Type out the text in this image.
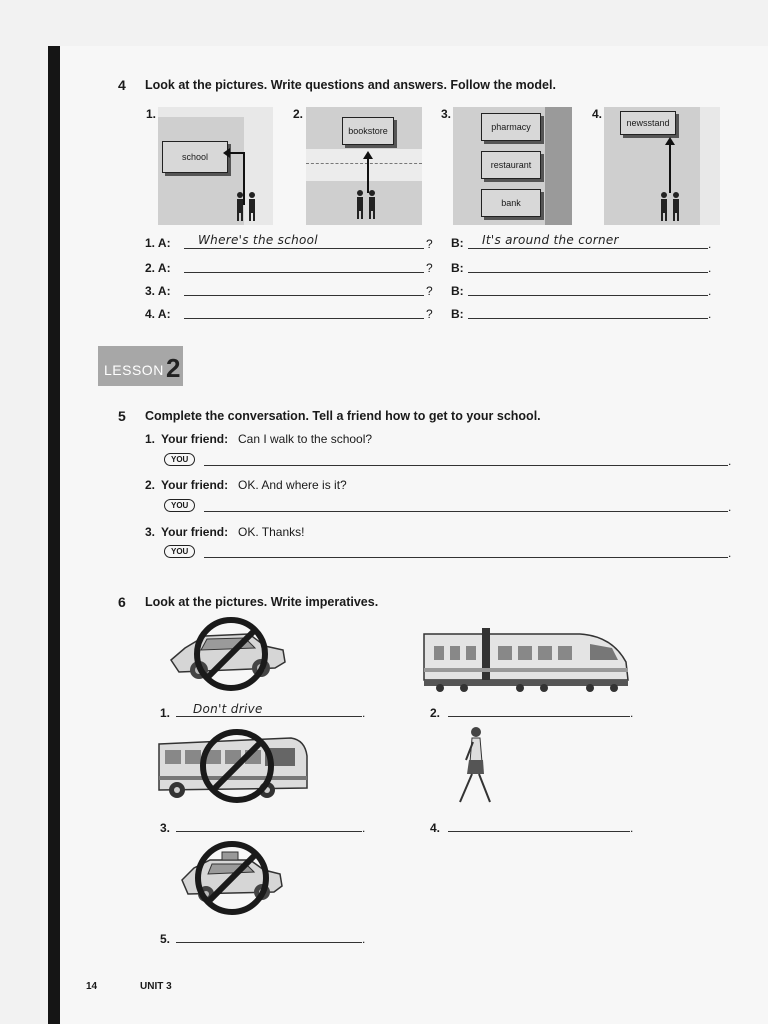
4 Look at the pictures. Write questions and answers. Follow the model.
1.	2.	3.	4.
school
bookstore	pharmacy
restaurant
bank
newsstand
1. A: Where's the school	? B: It's around the corner	.
2. A:	? B:	.
3. A:	? B:	.
4. A:	? B:	.
LESSON 2
5 Complete the conversation. Tell a friend how to get to your school.
1. Your friend: Can I walk to the school?
YOU	.
2. Your friend: OK. And where is it?
YOU	.
3. Your friend: OK. Thanks!
YOU	.
6 Look at the pictures. Write imperatives.
1. Don't drive	.	2.	.
3.	.	4.	.
5.	.
14	UNIT 3
